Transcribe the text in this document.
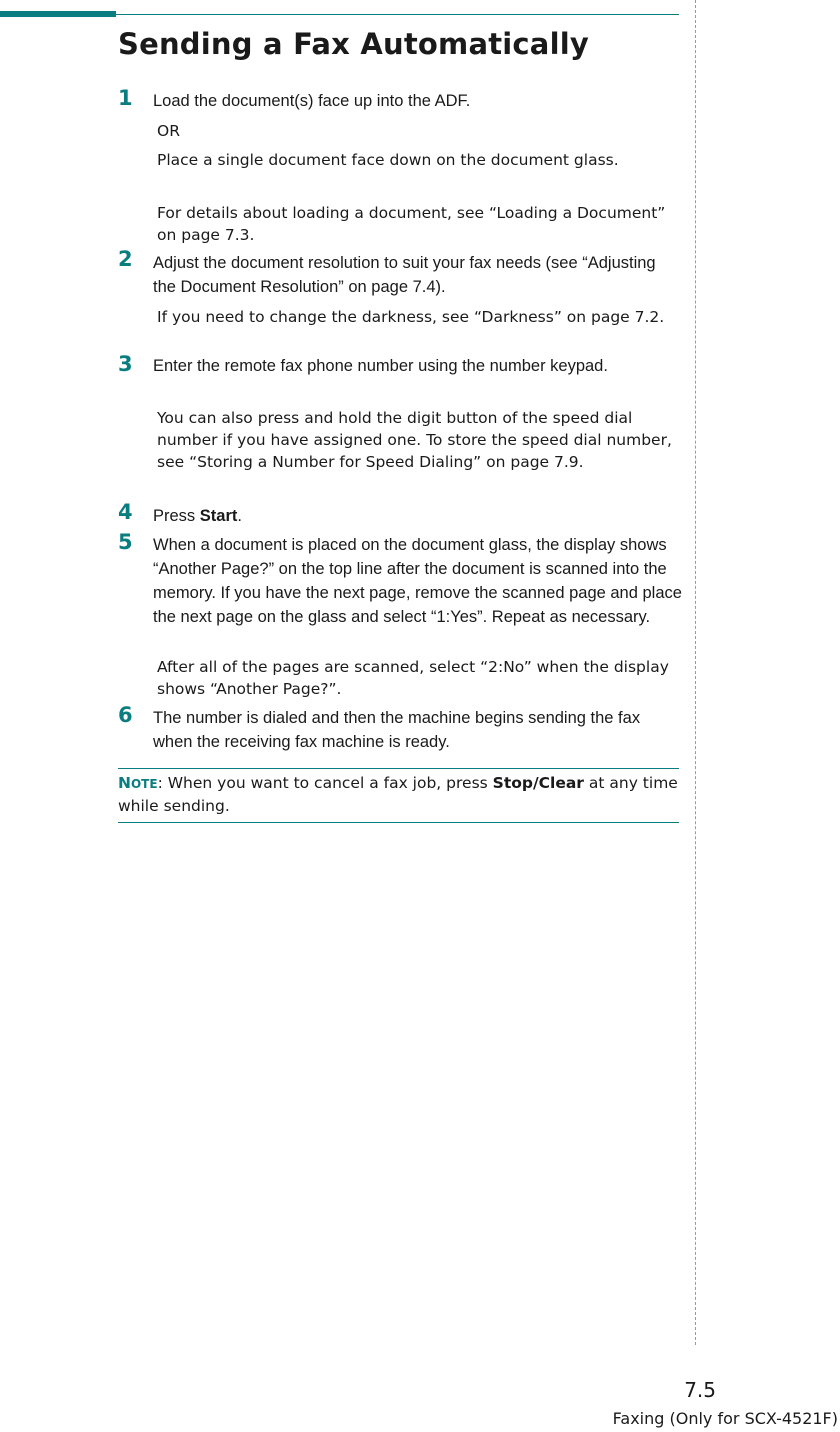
Sending a Fax Automatically
1 Load the document(s) face up into the ADF.
OR
Place a single document face down on the document glass.
For details about loading a document, see “Loading a Document” on page 7.3.
2 Adjust the document resolution to suit your fax needs (see “Adjusting the Document Resolution” on page 7.4).
If you need to change the darkness, see “Darkness” on page 7.2.
3 Enter the remote fax phone number using the number keypad.
You can also press and hold the digit button of the speed dial number if you have assigned one. To store the speed dial number, see “Storing a Number for Speed Dialing” on page 7.9.
4 Press Start.
5 When a document is placed on the document glass, the display shows “Another Page?” on the top line after the document is scanned into the memory. If you have the next page, remove the scanned page and place the next page on the glass and select “1:Yes”. Repeat as necessary.
After all of the pages are scanned, select “2:No” when the display shows “Another Page?”.
6 The number is dialed and then the machine begins sending the fax when the receiving fax machine is ready.
NOTE: When you want to cancel a fax job, press Stop/Clear at any time while sending.
7.5
Faxing (Only for SCX-4521F)
